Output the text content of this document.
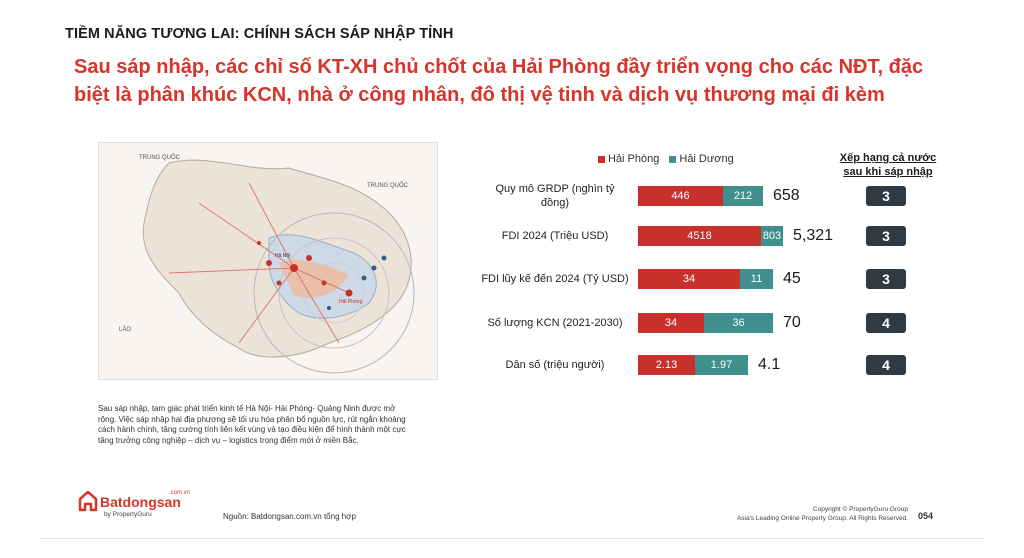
TIỀM NĂNG TƯƠNG LAI: CHÍNH SÁCH SÁP NHẬP TỈNH
Sau sáp nhập, các chỉ số KT-XH chủ chốt của Hải Phòng đầy triển vọng cho các NĐT, đặc biệt là phân khúc KCN, nhà ở công nhân, đô thị vệ tinh và dịch vụ thương mại đi kèm
TRUNG QUỐC
TRUNG QUỐC
LÀO
Hà Nội
Hải Phòng
Sau sáp nhập, tam giác phát triển kinh tế Hà Nội- Hải Phòng- Quảng Ninh được mở rộng. Việc sáp nhập hai địa phương sẽ tối ưu hóa phân bổ nguồn lực, rút ngắn khoảng cách hành chính, tăng cường tính liên kết vùng và tạo điều kiện để hình thành một cực tăng trưởng công nghiệp – dịch vụ – logistics trọng điểm mới ở miền Bắc.
Hải Phòng	Hải Dương	Xếp hạng cả nước sau khi sáp nhập
Quy mô GRDP (nghìn tỷ đồng)
446	212 658	3
FDI 2024 (Triệu USD)	4518	803 5,321	3
FDI lũy kế đến 2024 (Tỷ USD)	34	11 45	3
Số lượng KCN (2021-2030)	34	36 70	4
Dân số (triệu người)	2.13	1.97 4.1	4
.com.vn
Batdongsan
by PropertyGuru	Nguồn: Batdongsan.com.vn tổng hợp
Copyright © PropertyGuru Group
Asia's Leading Online Property Group. All Rights Reserved. 054
